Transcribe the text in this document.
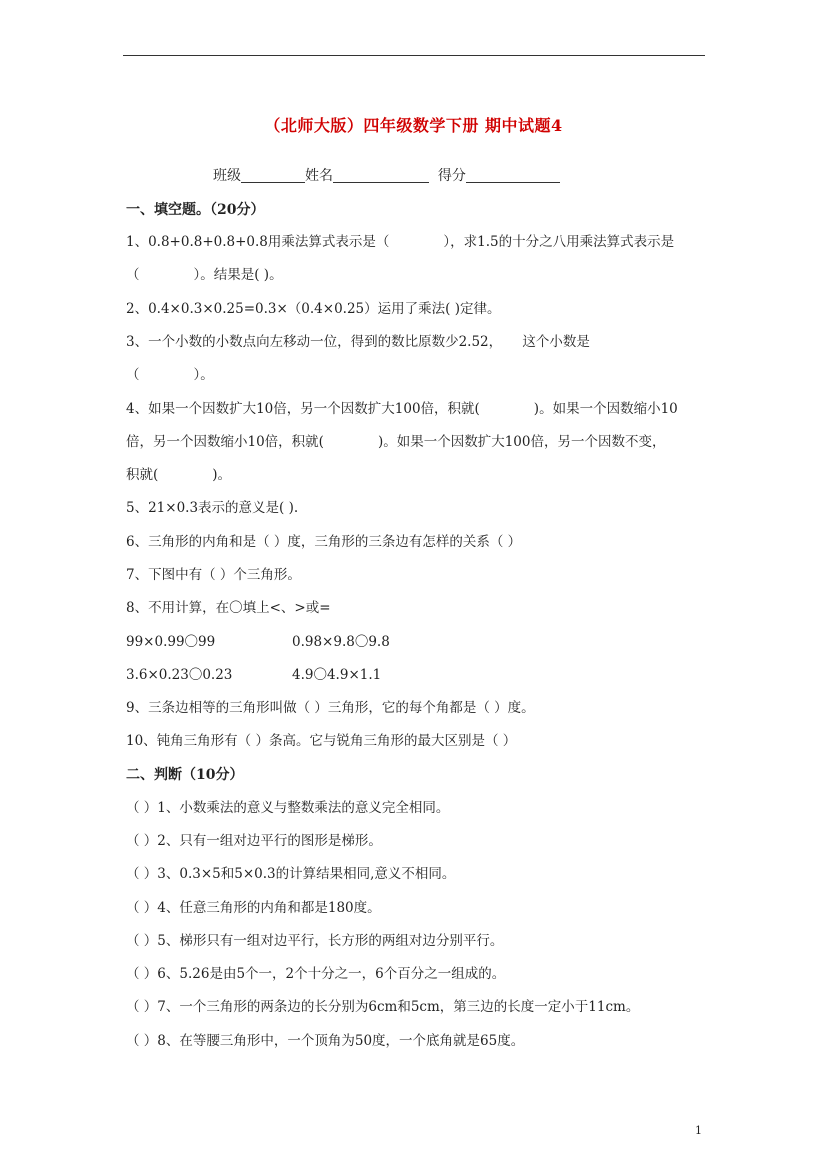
（北师大版）四年级数学下册 期中试题4
班级	姓名	得分
一、填空题。（20分）
1、0.8+0.8+0.8+0.8用乘法算式表示是（　　　　），求1.5的十分之八用乘法算式表示是
（　　　　）。结果是( )。
2、0.4×0.3×0.25=0.3×（0.4×0.25）运用了乘法( )定律。
3、一个小数的小数点向左移动一位，得到的数比原数少2.52，　　这个小数是
（　　　　）。
4、如果一个因数扩大10倍，另一个因数扩大100倍，积就(　　　　)。如果一个因数缩小10
倍，另一个因数缩小10倍，积就(　　　　)。如果一个因数扩大100倍，另一个因数不变，
积就(　　　　)。
5、21×0.3表示的意义是( ).
6、三角形的内角和是（ ）度，三角形的三条边有怎样的关系（ ）
7、下图中有（ ）个三角形。
8、不用计算，在〇填上<、>或=
99×0.99〇99	0.98×9.8〇9.8
3.6×0.23〇0.23	4.9〇4.9×1.1
9、三条边相等的三角形叫做（ ）三角形，它的每个角都是（ ）度。
10、钝角三角形有（ ）条高。它与锐角三角形的最大区别是（ ）
二、判断（10分）
（ ）1、小数乘法的意义与整数乘法的意义完全相同。
（ ）2、只有一组对边平行的图形是梯形。
（ ）3、0.3×5和5×0.3的计算结果相同,意义不相同。
（ ）4、任意三角形的内角和都是180度。
（ ）5、梯形只有一组对边平行，长方形的两组对边分别平行。
（ ）6、5.26是由5个一，2个十分之一，6个百分之一组成的。
（ ）7、一个三角形的两条边的长分别为6cm和5cm，第三边的长度一定小于11cm。
（ ）8、在等腰三角形中，一个顶角为50度，一个底角就是65度。
1
